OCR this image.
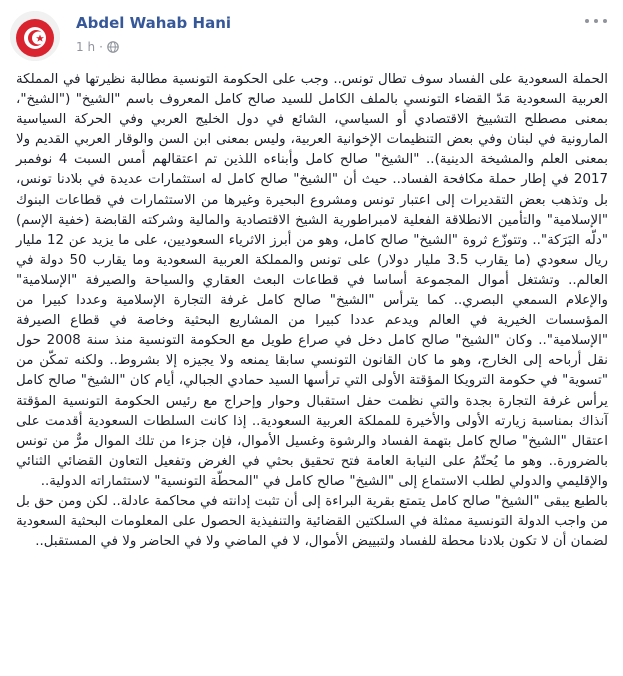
Abdel Wahab Hani
1 h ·

الحملة السعودية على الفساد سوف تطال تونس.. وجب على الحكومة التونسية مطالبة نظيرتها في المملكة العربية السعودية مَدّ القضاء التونسي بالملف الكامل للسيد صالح كامل المعروف باسم "الشيخ" ("الشيخ"، بمعنى مصطلح التشييخ الاقتصادي أو السياسي، الشائع في دول الخليج العربي وفي الحركة السياسية المارونية في لبنان وفي بعض التنظيمات الإخوانية العربية، وليس بمعنى ابن السن والوقار العربي القديم ولا بمعنى العلم والمشيخة الدينية).. "الشيخ" صالح كامل وأبناءه اللذين تم اعتقالهم أمس السبت 4 نوفمبر 2017 في إطار حملة مكافحة الفساد.. حيث أن "الشيخ" صالح كامل له استثمارات عديدة في بلادنا تونس، بل وتذهب بعض التقديرات إلى اعتبار تونس ومشروع البحيرة وغيرها من الاستثمارات في قطاعات البنوك "الإسلامية" والتأمين الانطلاقة الفعلية لامبراطورية الشيخ الاقتصادية والمالية وشركته القابضة (خفية الإسم) "دلّه البَرَكة".. وتتوزّع ثروة "الشيخ" صالح كامل، وهو من أبرز الاثرياء السعوديين، على ما يزيد عن 12 مليار ريال سعودي (ما يقارب 3.5 مليار دولار) على تونس والمملكة العربية السعودية وما يقارب 50 دولة في العالم.. وتشتغل أموال المجموعة أساسا في قطاعات البعث العقاري والسياحة والصيرفة "الإسلامية" والإعلام السمعي البصري.. كما يترأس "الشيخ" صالح كامل غرفة التجارة الإسلامية وعددا كبيرا من المؤسسات الخيرية في العالم ويدعم عددا كبيرا من المشاريع البحثية وخاصة في قطاع الصيرفة "الإسلامية".. وكان "الشيخ" صالح كامل دخل في صراع طويل مع الحكومة التونسية منذ سنة 2008 حول نقل أرباحه إلى الخارج، وهو ما كان القانون التونسي سابقا يمنعه ولا يجيزه إلا بشروط.. ولكنه تمكّن من "تسوية" في حكومة الترويكا المؤقتة الأولى التي ترأسها السيد حمادي الجبالي، أيام كان "الشيخ" صالح كامل يرأس غرفة التجارة بجدة والتي نظمت حفل استقبال وحوار وإحراج مع رئيس الحكومة التونسية المؤقتة آنذاك بمناسبة زيارته الأولى والأخيرة للمملكة العربية السعودية.. إذا كانت السلطات السعودية أقدمت على اعتقال "الشيخ" صالح كامل بتهمة الفساد والرشوة وغسيل الأموال، فإن جزءا من تلك الموال مرٌّ من تونس بالضرورة.. وهو ما يُحتّمُ على النيابة العامة فتح تحقيق بحثي في الغرض وتفعيل التعاون القضائي الثنائي والإقليمي والدولي لطلب الاستماع إلى "الشيخ" صالح كامل في "المحطّة التونسية" لاستثماراته الدولية..

بالطبع يبقى "الشيخ" صالح كامل يتمتع بقرية البراءة إلى أن تثبت إدانته في محاكمة عادلة.. لكن ومن حق بل من واجب الدولة التونسية ممثلة في السلكتين القضائية والتنفيذية الحصول على المعلومات البحثية السعودية لضمان أن لا تكون بلادنا محطة للفساد ولتبييض الأموال، لا في الماضي ولا في الحاضر ولا في المستقبل..
